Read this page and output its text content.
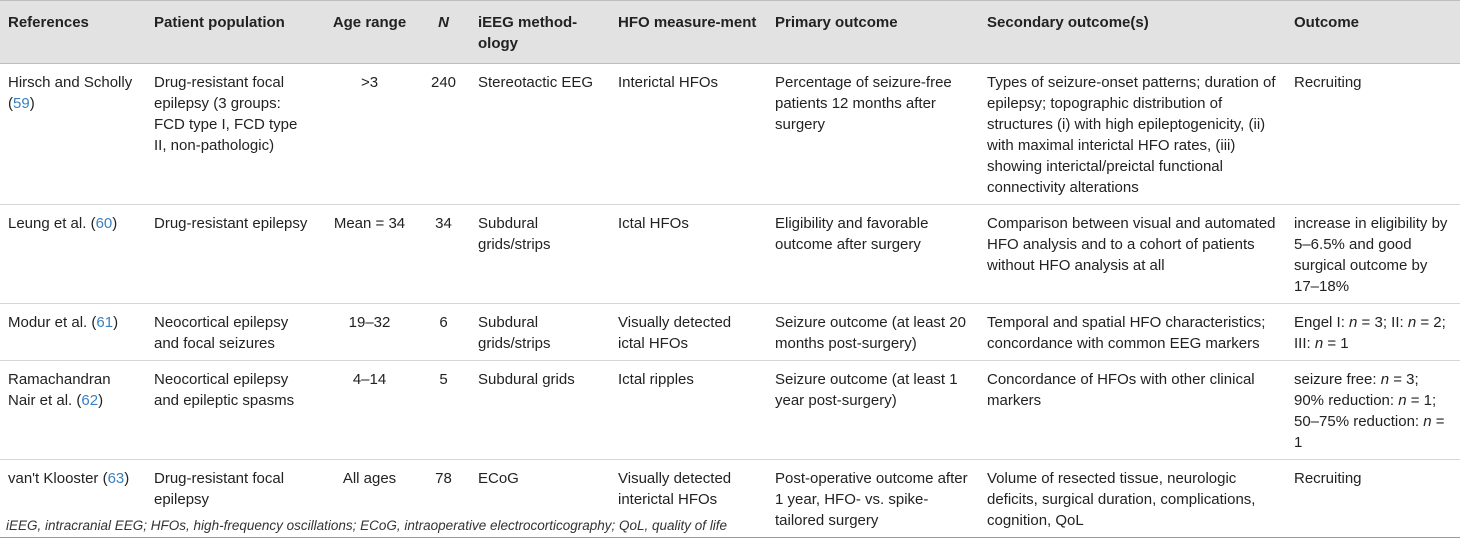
References	Patient population	Age range	N	iEEG method-ology	HFO measure-ment	Primary outcome	Secondary outcome(s)	Outcome
Hirsch and Scholly (59)	Drug-resistant focal epilepsy (3 groups: FCD type I, FCD type II, non-pathologic)	>3	240	Stereotactic EEG	Interictal HFOs	Percentage of seizure-free patients 12 months after surgery	Types of seizure-onset patterns; duration of epilepsy; topographic distribution of structures (i) with high epileptogenicity, (ii) with maximal interictal HFO rates, (iii) showing interictal/preictal functional connectivity alterations	Recruiting
Leung et al. (60)	Drug-resistant epilepsy	Mean = 34	34	Subdural grids/strips	Ictal HFOs	Eligibility and favorable outcome after surgery	Comparison between visual and automated HFO analysis and to a cohort of patients without HFO analysis at all	increase in eligibility by 5–6.5% and good surgical outcome by 17–18%
Modur et al. (61)	Neocortical epilepsy and focal seizures	19–32	6	Subdural grids/strips	Visually detected ictal HFOs	Seizure outcome (at least 20 months post-surgery)	Temporal and spatial HFO characteristics; concordance with common EEG markers	Engel I: n = 3; II: n = 2; III: n = 1
Ramachandran Nair et al. (62)	Neocortical epilepsy and epileptic spasms	4–14	5	Subdural grids	Ictal ripples	Seizure outcome (at least 1 year post-surgery)	Concordance of HFOs with other clinical markers	seizure free: n = 3; 90% reduction: n = 1; 50–75% reduction: n = 1
van't Klooster (63)	Drug-resistant focal epilepsy	All ages	78	ECoG	Visually detected interictal HFOs	Post-operative outcome after 1 year, HFO- vs. spike-tailored surgery	Volume of resected tissue, neurologic deficits, surgical duration, complications, cognition, QoL	Recruiting
iEEG, intracranial EEG; HFOs, high-frequency oscillations; ECoG, intraoperative electrocorticography; QoL, quality of life
